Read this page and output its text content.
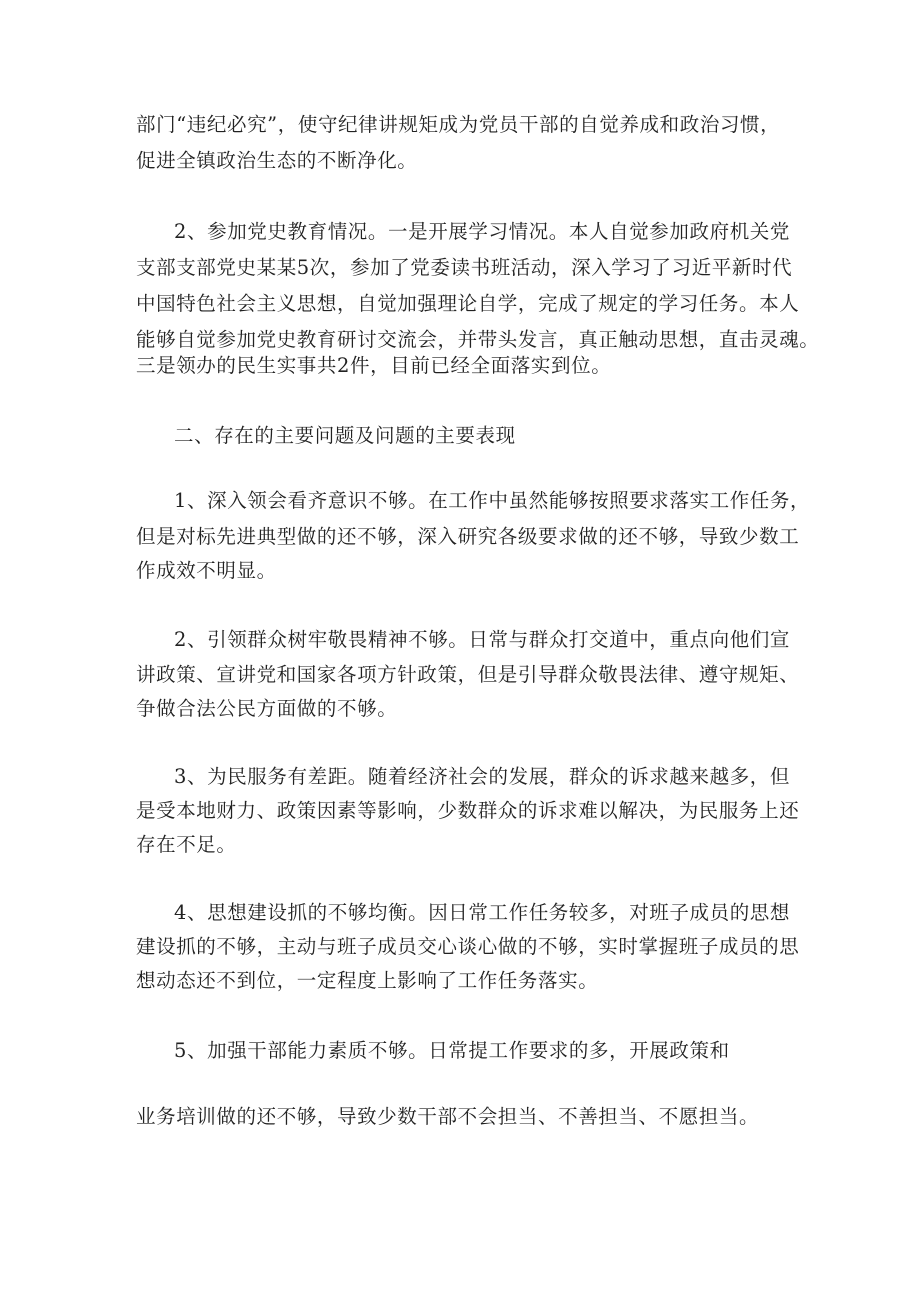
部门“违纪必究”，使守纪律讲规矩成为党员干部的自觉养成和政治习惯，
促进全镇政治生态的不断净化。
2、参加党史教育情况。一是开展学习情况。本人自觉参加政府机关党
支部支部党史某某5次，参加了党委读书班活动，深入学习了习近平新时代
中国特色社会主义思想，自觉加强理论自学，完成了规定的学习任务。本人
能够自觉参加党史教育研讨交流会，并带头发言，真正触动思想，直击灵魂。
三是领办的民生实事共2件，目前已经全面落实到位。
二、存在的主要问题及问题的主要表现
1、深入领会看齐意识不够。在工作中虽然能够按照要求落实工作任务，
但是对标先进典型做的还不够，深入研究各级要求做的还不够，导致少数工
作成效不明显。
2、引领群众树牢敬畏精神不够。日常与群众打交道中，重点向他们宣
讲政策、宣讲党和国家各项方针政策，但是引导群众敬畏法律、遵守规矩、
争做合法公民方面做的不够。
3、为民服务有差距。随着经济社会的发展，群众的诉求越来越多，但
是受本地财力、政策因素等影响，少数群众的诉求难以解决，为民服务上还
存在不足。
4、思想建设抓的不够均衡。因日常工作任务较多，对班子成员的思想
建设抓的不够，主动与班子成员交心谈心做的不够，实时掌握班子成员的思
想动态还不到位，一定程度上影响了工作任务落实。
5、加强干部能力素质不够。日常提工作要求的多，开展政策和
业务培训做的还不够，导致少数干部不会担当、不善担当、不愿担当。
